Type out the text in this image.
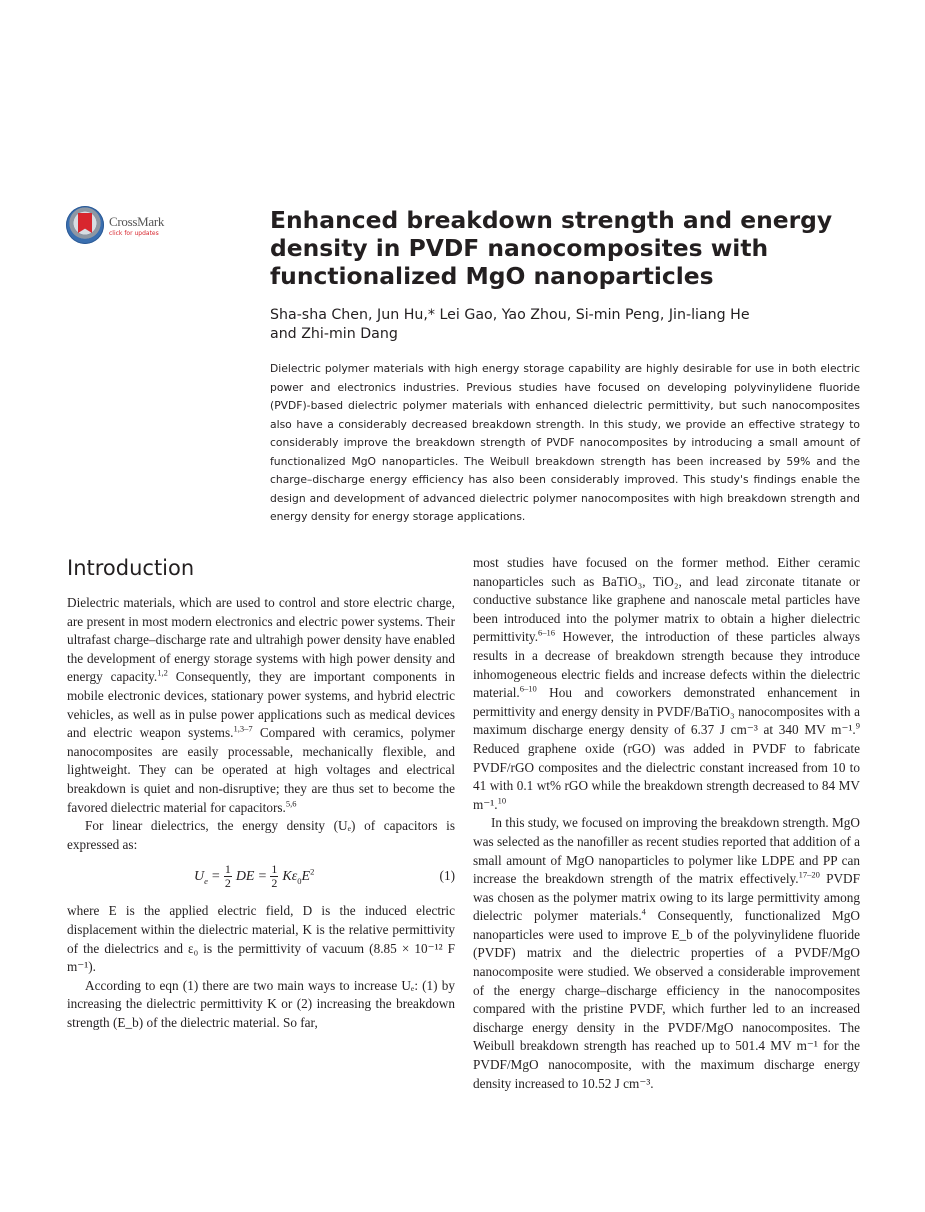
CrossMark
click for updates	Enhanced breakdown strength and energy density in PVDF nanocomposites with functionalized MgO nanoparticles
Sha-sha Chen, Jun Hu,* Lei Gao, Yao Zhou, Si-min Peng, Jin-liang He
and Zhi-min Dang

Dielectric polymer materials with high energy storage capability are highly desirable for use in both electric power and electronics industries. Previous studies have focused on developing polyvinylidene fluoride (PVDF)-based dielectric polymer materials with enhanced dielectric permittivity, but such nanocomposites also have a considerably decreased breakdown strength. In this study, we provide an effective strategy to considerably improve the breakdown strength of PVDF nanocomposites by introducing a small amount of functionalized MgO nanoparticles. The Weibull breakdown strength has been increased by 59% and the charge–discharge energy efficiency has also been considerably improved. This study's findings enable the design and development of advanced dielectric polymer nanocomposites with high breakdown strength and energy density for energy storage applications.

Introduction

Dielectric materials, which are used to control and store electric charge, are present in most modern electronics and electric power systems. Their ultrafast charge–discharge rate and ultrahigh power density have enabled the development of energy storage systems with high power density and energy capacity.$^{1,2}$ Consequently, they are important components in mobile electronic devices, stationary power systems, and hybrid electric vehicles, as well as in pulse power applications such as medical devices and electric weapon systems.$^{1,3-7}$ Compared with ceramics, polymer nanocomposites are easily processable, mechanically flexible, and lightweight. They can be operated at high voltages and electrical breakdown is quiet and non-disruptive; they are thus set to become the favored dielectric material for capacitors.$^{5,6}$

For linear dielectrics, the energy density (Uₑ) of capacitors is expressed as:

$U_e = \frac{1}{2}$ DE = $\frac{1}{2} K\varepsilon_0E^2$	(1)

where E is the applied electric field, D is the induced electric displacement within the dielectric material, K is the relative permittivity of the dielectrics and ε₀ is the permittivity of vacuum (8.85 × 10⁻¹² F m⁻¹).

According to eqn (1) there are two main ways to increase Uₑ: (1) by increasing the dielectric permittivity K or (2) increasing the breakdown strength (E_b) of the dielectric material. So far,

most studies have focused on the former method. Either ceramic nanoparticles such as BaTiO₃, TiO₂, and lead zirconate titanate or conductive substance like graphene and nanoscale metal particles have been introduced into the polymer matrix to obtain a higher dielectric permittivity.$^{6-16}$ However, the introduction of these particles always results in a decrease of breakdown strength because they introduce inhomogeneous electric fields and increase defects within the dielectric material.$^{6-10}$ Hou and coworkers demonstrated enhancement in permittivity and energy density in PVDF/BaTiO₃ nanocomposites with a maximum discharge energy density of 6.37 J cm⁻³ at 340 MV m⁻¹.$^9$ Reduced graphene oxide (rGO) was added in PVDF to fabricate PVDF/rGO composites and the dielectric constant increased from 10 to 41 with 0.1 wt% rGO while the breakdown strength decreased to 84 MV m⁻¹.$^{10}$

In this study, we focused on improving the breakdown strength. MgO was selected as the nanofiller as recent studies reported that addition of a small amount of MgO nanoparticles to polymer like LDPE and PP can increase the breakdown strength of the matrix effectively.$^{17-20}$ PVDF was chosen as the polymer matrix owing to its large permittivity among dielectric polymer materials.$^4$ Consequently, functionalized MgO nanoparticles were used to improve E_b of the polyvinylidene fluoride (PVDF) matrix and the dielectric properties of a PVDF/MgO nanocomposite were studied. We observed a considerable improvement of the energy charge–discharge efficiency in the nanocomposites compared with the pristine PVDF, which further led to an increased discharge energy density in the PVDF/MgO nanocomposites. The Weibull breakdown strength has reached up to 501.4 MV m⁻¹ for the PVDF/MgO nanocomposite, with the maximum discharge energy density increased to 10.52 J cm⁻³.
